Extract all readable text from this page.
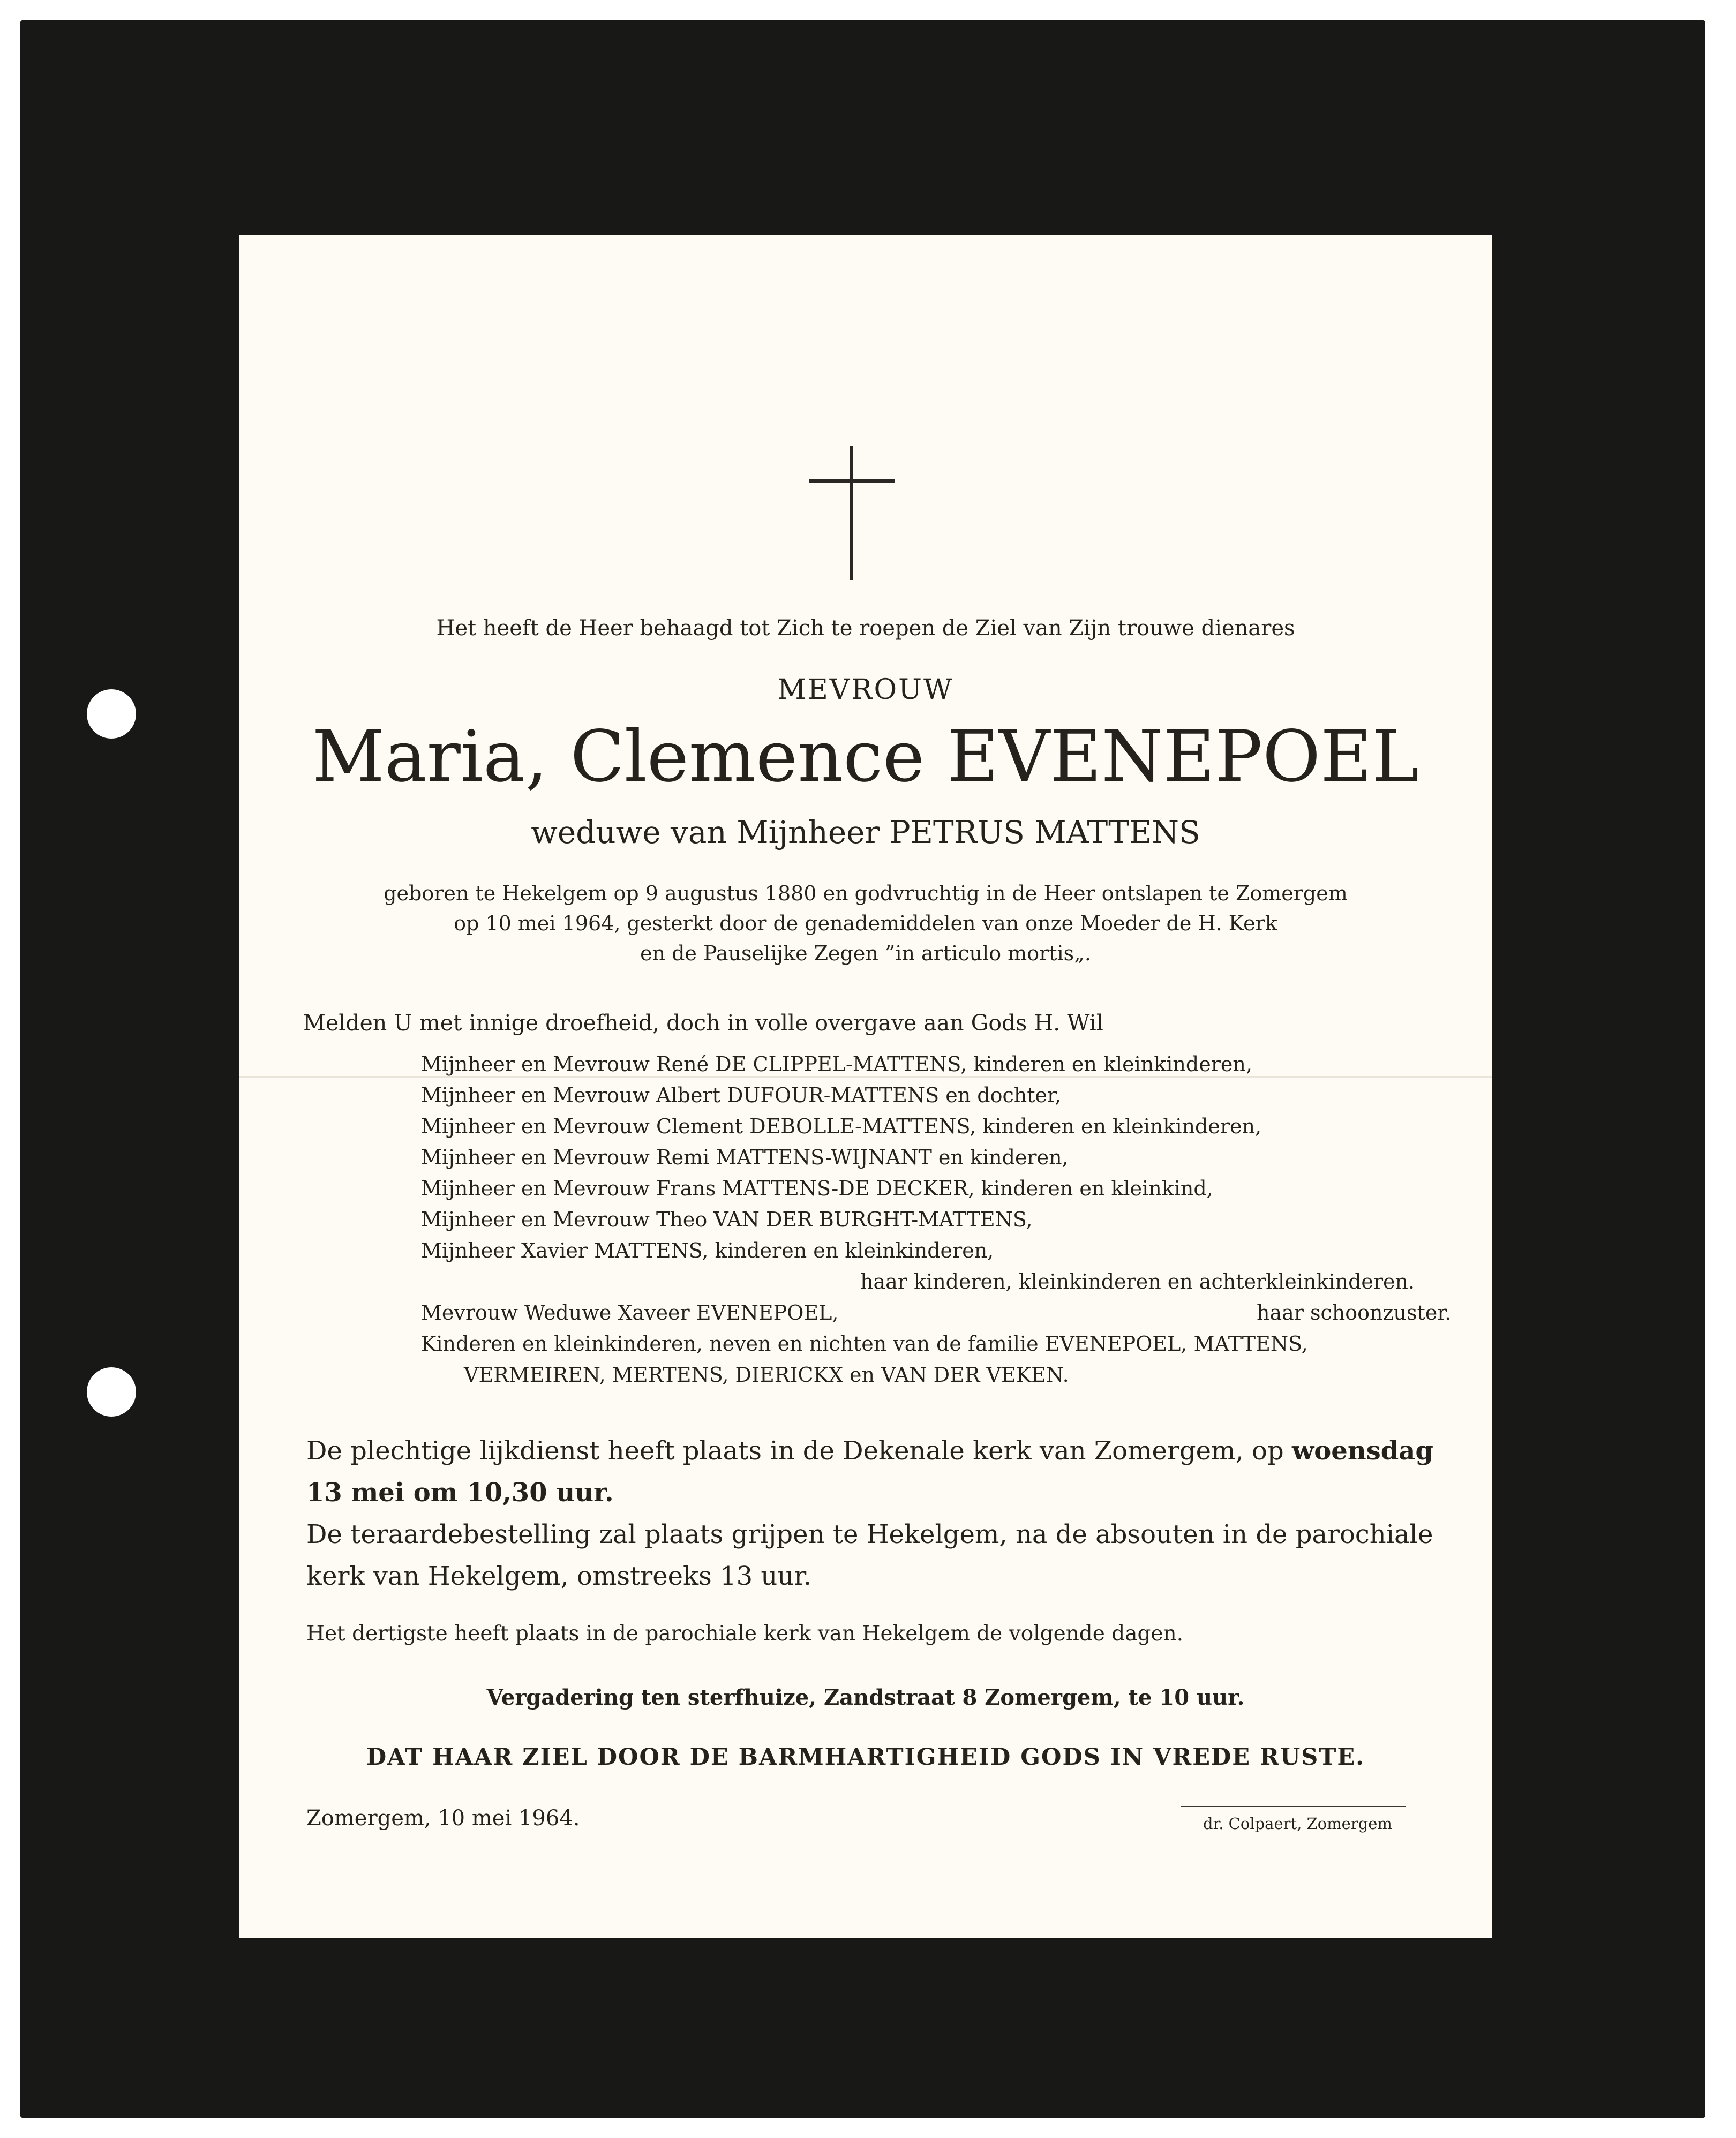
Het heeft de Heer behaagd tot Zich te roepen de Ziel van Zijn trouwe dienares
MEVROUW
Maria, Clemence EVENEPOEL
weduwe van Mijnheer PETRUS MATTENS
geboren te Hekelgem op 9 augustus 1880 en godvruchtig in de Heer ontslapen te Zomergem
op 10 mei 1964, gesterkt door de genademiddelen van onze Moeder de H. Kerk
en de Pauselijke Zegen ”in articulo mortis„.
Melden U met innige droefheid, doch in volle overgave aan Gods H. Wil
Mijnheer en Mevrouw René DE CLIPPEL-MATTENS, kinderen en kleinkinderen,
Mijnheer en Mevrouw Albert DUFOUR-MATTENS en dochter,
Mijnheer en Mevrouw Clement DEBOLLE-MATTENS, kinderen en kleinkinderen,
Mijnheer en Mevrouw Remi MATTENS-WIJNANT en kinderen,
Mijnheer en Mevrouw Frans MATTENS-DE DECKER, kinderen en kleinkind,
Mijnheer en Mevrouw Theo VAN DER BURGHT-MATTENS,
Mijnheer Xavier MATTENS, kinderen en kleinkinderen,
haar kinderen, kleinkinderen en achterkleinkinderen.
Mevrouw Weduwe Xaveer EVENEPOEL,	haar schoonzuster.
Kinderen en kleinkinderen, neven en nichten van de familie EVENEPOEL, MATTENS,
VERMEIREN, MERTENS, DIERICKX en VAN DER VEKEN.
De plechtige lijkdienst heeft plaats in de Dekenale kerk van Zomergem, op woensdag
13 mei om 10,30 uur.
De teraardebestelling zal plaats grijpen te Hekelgem, na de absouten in de parochiale
kerk van Hekelgem, omstreeks 13 uur.
Het dertigste heeft plaats in de parochiale kerk van Hekelgem de volgende dagen.
Vergadering ten sterfhuize, Zandstraat 8 Zomergem, te 10 uur.
DAT HAAR ZIEL DOOR DE BARMHARTIGHEID GODS IN VREDE RUSTE.
Zomergem, 10 mei 1964.	dr. Colpaert, Zomergem
